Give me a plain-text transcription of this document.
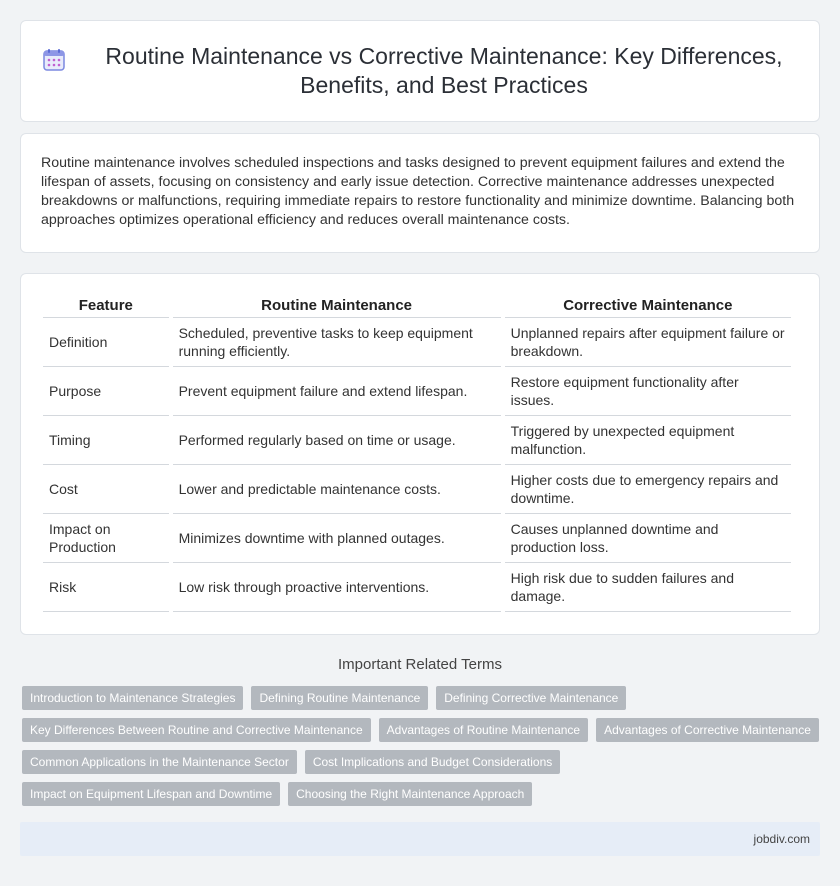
Routine Maintenance vs Corrective Maintenance: Key Differences, Benefits, and Best Practices

Routine maintenance involves scheduled inspections and tasks designed to prevent equipment failures and extend the lifespan of assets, focusing on consistency and early issue detection. Corrective maintenance addresses unexpected breakdowns or malfunctions, requiring immediate repairs to restore functionality and minimize downtime. Balancing both approaches optimizes operational efficiency and reduces overall maintenance costs.

Feature	Routine Maintenance	Corrective Maintenance
Definition	Scheduled, preventive tasks to keep equipment running efficiently.	Unplanned repairs after equipment failure or breakdown.
Purpose	Prevent equipment failure and extend lifespan.	Restore equipment functionality after issues.
Timing	Performed regularly based on time or usage.	Triggered by unexpected equipment malfunction.
Cost	Lower and predictable maintenance costs.	Higher costs due to emergency repairs and downtime.
Impact on Production	Minimizes downtime with planned outages.	Causes unplanned downtime and production loss.
Risk	Low risk through proactive interventions.	High risk due to sudden failures and damage.
Important Related Terms
Introduction to Maintenance Strategies	Defining Routine Maintenance	Defining Corrective Maintenance
Key Differences Between Routine and Corrective Maintenance	Advantages of Routine Maintenance	Advantages of Corrective Maintenance
Common Applications in the Maintenance Sector	Cost Implications and Budget Considerations
Impact on Equipment Lifespan and Downtime	Choosing the Right Maintenance Approach
jobdiv.com
